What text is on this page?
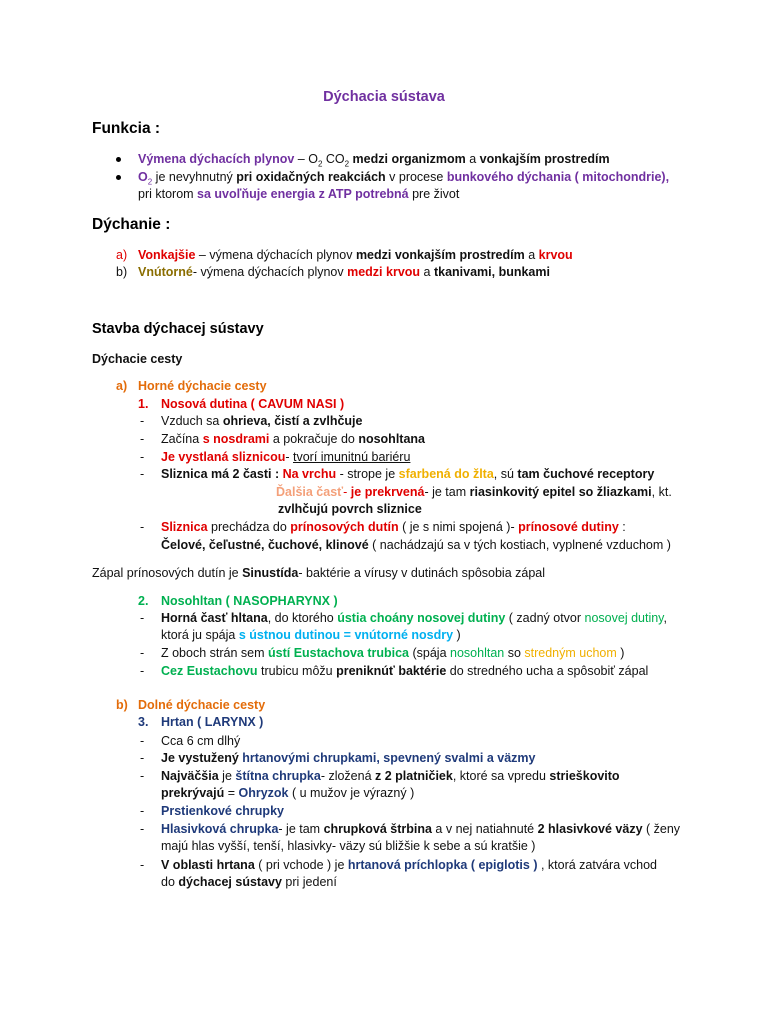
Dýchacia sústava
Funkcia :
Výmena dýchacích plynov – $O_2$ $CO_2$ medzi organizmom a vonkajším prostredím
$O_2$ je nevyhnutný pri oxidačných reakciách v procese bunkového dýchania ( mitochondrie),
pri ktorom sa uvoľňuje energia z ATP potrebná pre život
Dýchanie :
a) Vonkajšie – výmena dýchacích plynov medzi vonkajším prostredím a krvou
b) Vnútorné- výmena dýchacích plynov medzi krvou a tkanivami, bunkami
Stavba dýchacej sústavy
Dýchacie cesty
a) Horné dýchacie cesty
1. Nosová dutina ( CAVUM NASI )
- Vzduch sa ohrieva, čistí a zvlhčuje
- Začína s nosdrami a pokračuje do nosohltana
- Je vystlaná sliznicou- tvorí imunitnú bariéru
- Sliznica má 2 časti : Na vrchu - strope je sfarbená do žlta, sú tam čuchové receptory
Ďalšia časť- je prekrvená- je tam riasinkovitý epitel so žliazkami, kt.
zvlhčujú povrch sliznice
- Sliznica prechádza do prínosových dutín ( je s nimi spojená )- prínosové dutiny :
Čelové, čeľustné, čuchové, klinové ( nachádzajú sa v tých kostiach, vyplnené vzduchom )
Zápal prínosových dutín je Sinustída- baktérie a vírusy v dutinách spôsobia zápal
2. Nosohltan ( NASOPHARYNX )
- Horná časť hltana, do ktorého ústia choány nosovej dutiny ( zadný otvor nosovej dutiny,
ktorá ju spája s ústnou dutinou = vnútorné nosdry )
- Z oboch strán sem ústí Eustachova trubica (spája nosohltan so stredným uchom )
- Cez Eustachovu trubicu môžu preniknúť baktérie do stredného ucha a spôsobiť zápal
b) Dolné dýchacie cesty
3. Hrtan ( LARYNX )
- Cca 6 cm dlhý
- Je vystužený hrtanovými chrupkami, spevnený svalmi a väzmy
- Najväčšia je štítna chrupka- zložená z 2 platničiek, ktoré sa vpredu strieškovito
prekrývajú = Ohryzok ( u mužov je výrazný )
- Prstienkové chrupky
- Hlasivková chrupka- je tam chrupková štrbina a v nej natiahnuté 2 hlasivkové väzy ( ženy
majú hlas vyšší, tenší, hlasivky- väzy sú bližšie k sebe a sú kratšie )
- V oblasti hrtana ( pri vchode ) je hrtanová príchlopka ( epiglotis ) , ktorá zatvára vchod
do dýchacej sústavy pri jedení
